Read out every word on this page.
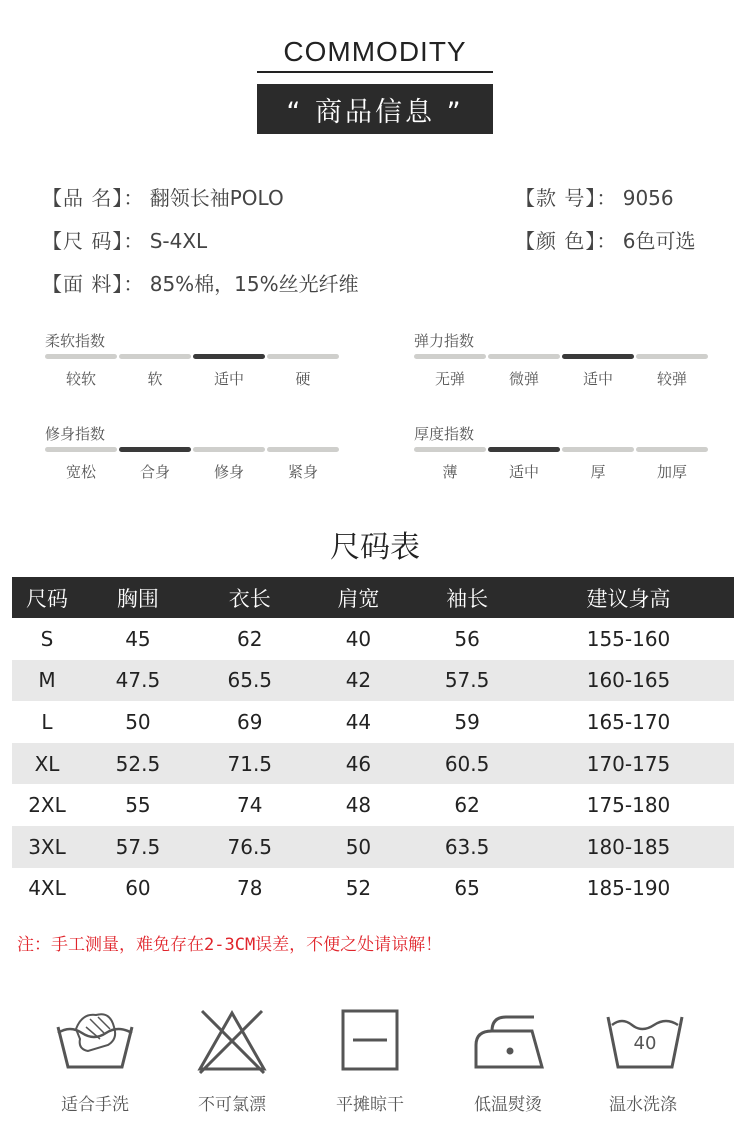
COMMODITY
“ 商品信息 ”
【品 名】： 翻领长袖POLO	【款 号】： 9056
【尺 码】： S-4XL	【颜 色】： 6色可选
【面 料】： 85%棉，15%丝光纤维
尺码表
尺码	胸围	衣长	肩宽	袖长	建议身高
S	45	62	40	56	155-160
M	47.5	65.5	42	57.5	160-165
L	50	69	44	59	165-170
XL	52.5	71.5	46	60.5	170-175
2XL	55	74	48	62	175-180
3XL	57.5	76.5	50	63.5	180-185
4XL	60	78	52	65	185-190
注：手工测量，难免存在2-3CM误差，不便之处请谅解！
40
适合手洗	不可氯漂	平摊晾干	低温熨烫	温水洗涤
柔软指数
较软	软	适中	硬
弹力指数
无弹	微弹	适中	较弹
修身指数
宽松	合身	修身	紧身
厚度指数
薄	适中	厚	加厚
